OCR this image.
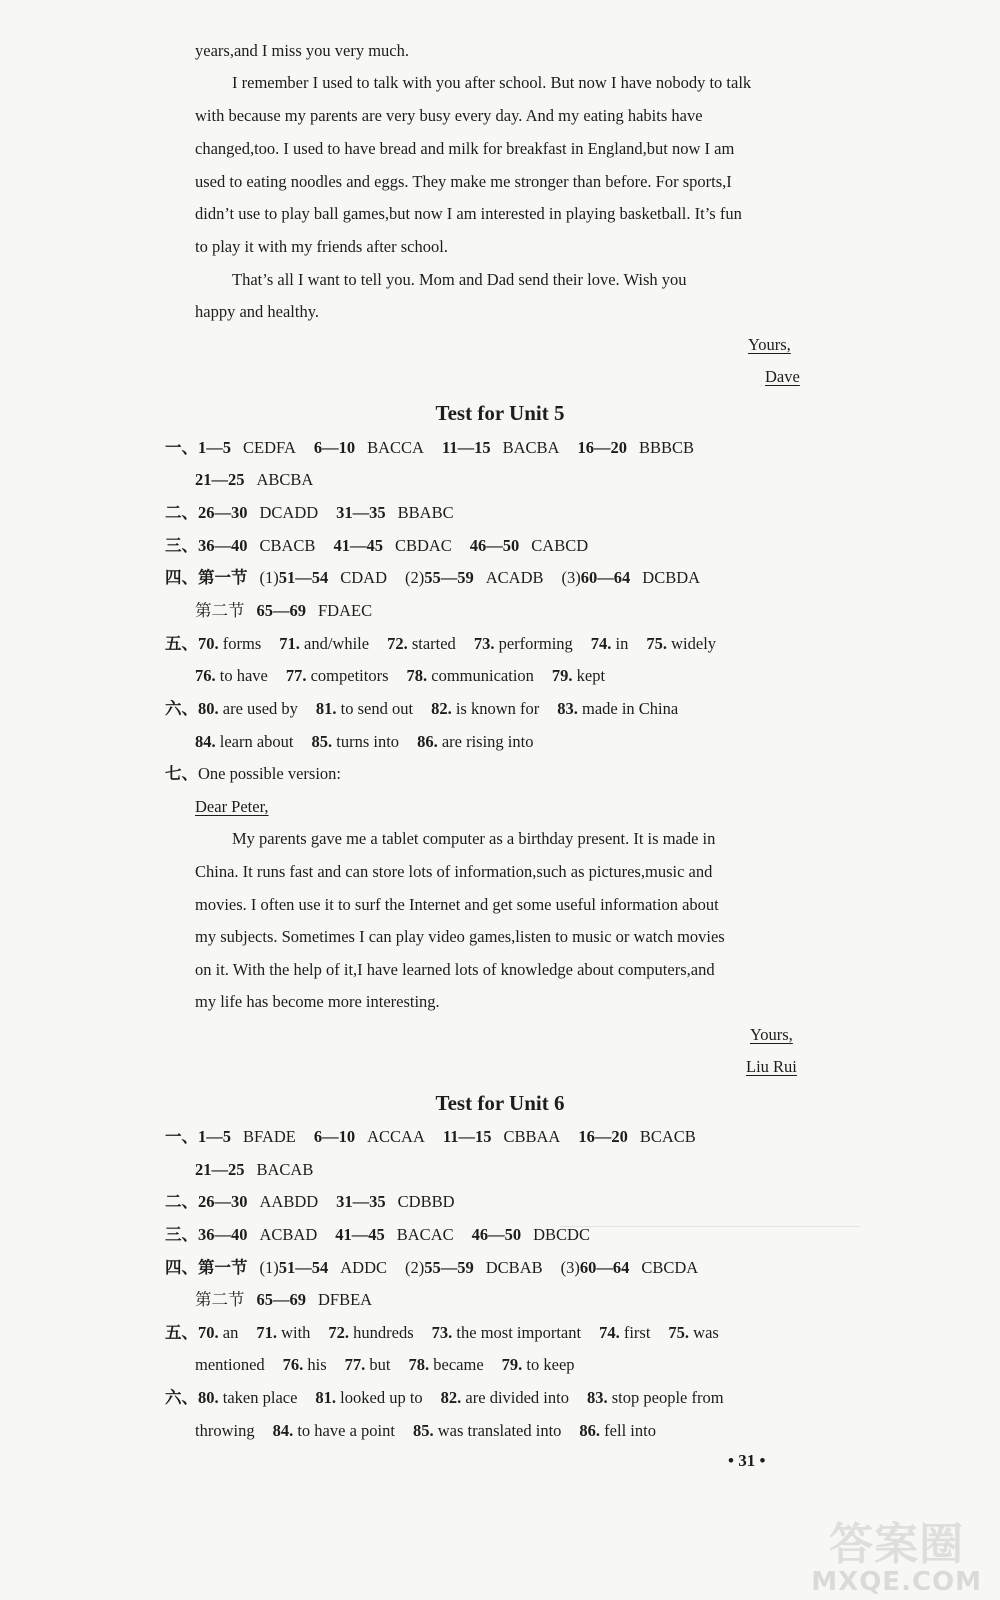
years,and I miss you very much.
I remember I used to talk with you after school. But now I have nobody to talk
with because my parents are very busy every day. And my eating habits have
changed,too. I used to have bread and milk for breakfast in England,but now I am
used to eating noodles and eggs. They make me stronger than before. For sports,I
didn’t use to play ball games,but now I am interested in playing basketball. It’s fun
to play it with my friends after school.
That’s all I want to tell you. Mom and Dad send their love. Wish you
happy and healthy.
Yours,
Dave
Test for Unit 5
一、1—5 CEDFA 6—10 BACCA 11—15 BACBA 16—20 BBBCB
21—25 ABCBA
二、26—30 DCADD 31—35 BBABC
三、36—40 CBACB 41—45 CBDAC 46—50 CABCD
四、第一节 (1)51—54 CDAD (2)55—59 ACADB (3)60—64 DCBDA
第二节 65—69 FDAEC
五、70. forms 71. and/while 72. started 73. performing 74. in 75. widely
76. to have 77. competitors 78. communication 79. kept
六、80. are used by 81. to send out 82. is known for 83. made in China
84. learn about 85. turns into 86. are rising into
七、One possible version:
Dear Peter,
My parents gave me a tablet computer as a birthday present. It is made in
China. It runs fast and can store lots of information,such as pictures,music and
movies. I often use it to surf the Internet and get some useful information about
my subjects. Sometimes I can play video games,listen to music or watch movies
on it. With the help of it,I have learned lots of knowledge about computers,and
my life has become more interesting.
Yours,
Liu Rui
Test for Unit 6
一、1—5 BFADE 6—10 ACCAA 11—15 CBBAA 16—20 BCACB
21—25 BACAB
二、26—30 AABDD 31—35 CDBBD
三、36—40 ACBAD 41—45 BACAC 46—50 DBCDC
四、第一节 (1)51—54 ADDC (2)55—59 DCBAB (3)60—64 CBCDA
第二节 65—69 DFBEA
五、70. an 71. with 72. hundreds 73. the most important 74. first 75. was
mentioned 76. his 77. but 78. became 79. to keep
六、80. taken place 81. looked up to 82. are divided into 83. stop people from
throwing 84. to have a point 85. was translated into 86. fell into
• 31 •
答案圈
MXQE.COM
